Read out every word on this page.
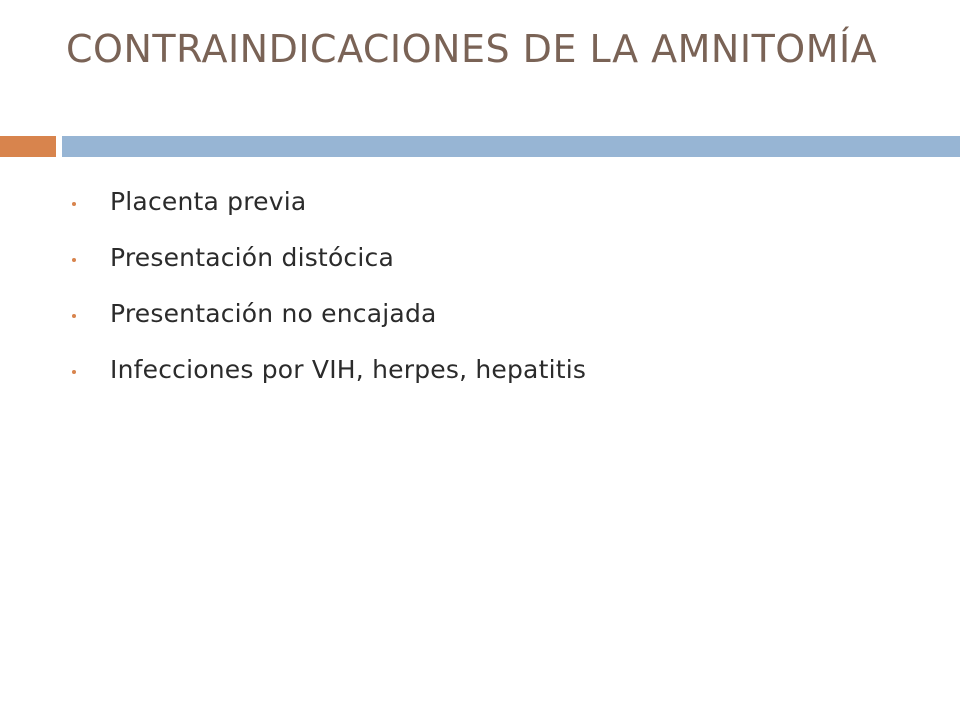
CONTRAINDICACIONES DE LA AMNITOMÍA
Placenta previa
Presentación distócica
Presentación no encajada
Infecciones por VIH, herpes, hepatitis
